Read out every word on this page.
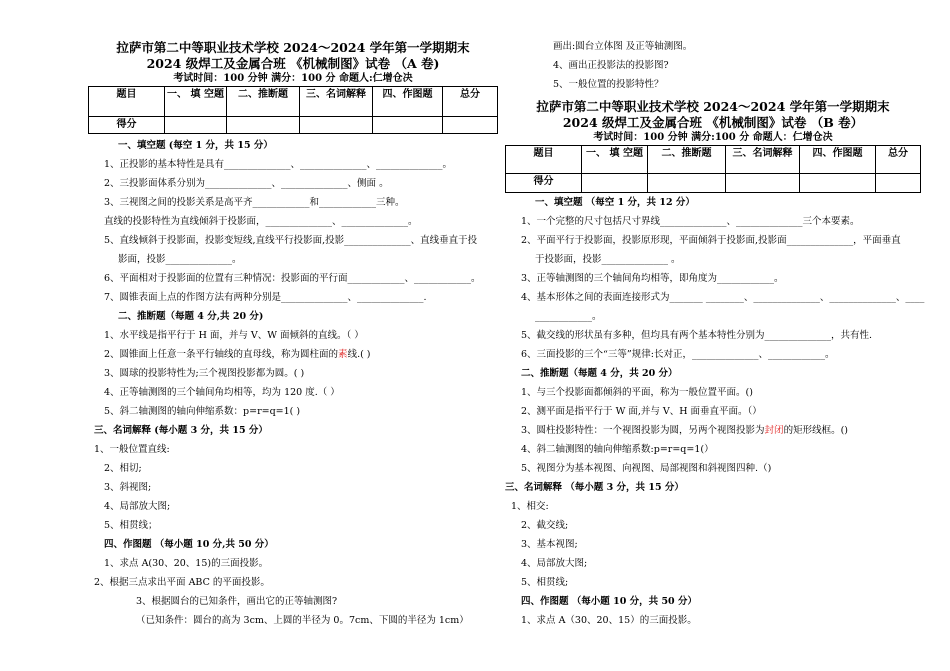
拉萨市第二中等职业技术学校 2024～2024 学年第一学期期末
2024 级焊工及金属合班 《机械制图》试卷 （A 卷)
考试时间：100 分钟 满分：100 分 命题人:仁增仓决
题目	一、 填 空题	二、推断题	三、名词解释	四、作图题	总分
得分					
一、填空题 (每空 1 分，共 15 分）
1、正投影的基本特性是具有______________、______________、______________。
2、三投影面体系分别为______________、______________、侧面 。
3、三视图之间的投影关系是高平齐____________和____________三种。
直线的投影特性为直线倾斜于投影面，______________、______________。
5、直线倾斜于投影面，投影变短线,直线平行投影面,投影______________、直线垂直于投
影面，投影______________。
6、平面相对于投影面的位置有三种情况：投影面的平行面____________、____________。
7、圆锥表面上点的作图方法有两种分别是______________、______________.
二、推断题（每题 4 分,共 20 分)
1、水平线是指平行于 H 面，并与 V、W 面倾斜的直线。（ ）
2、圆锥面上任意一条平行轴线的直母线，称为圆柱面的素线.( )
3、圆球的投影特性为;三个视图投影都为圆。( )
4、正等轴测图的三个轴间角均相等，均为 120 度.（ ）
5、斜二轴测图的轴向伸缩系数：p=r=q=1( )
三、名词解释 (每小题 3 分，共 15 分）
1、一般位置直线:
2、相切;
3、斜视图;
4、局部放大图;
5、相贯线；
四、作图题 （每小题 10 分,共 50 分）
1、求点 A(30、20、15)的三面投影。
2、根据三点求出平面 ABC 的平面投影。
3、根据圆台的已知条件，画出它的正等轴测图?
（已知条件：圆台的高为 3cm、上圆的半径为 0。7cm、下圆的半径为 1cm）
画出:圆台立体图 及正等轴测图。
4、画出正投影法的投影图?
5、一般位置的投影特性？
拉萨市第二中等职业技术学校 2024～2024 学年第一学期期末
2024 级焊工及金属合班 《机械制图》试卷 （B 卷）
考试时间：100 分钟 满分:100 分 命题人：仁增仓决
题目	一、 填 空题	二、推断题	三、名词解释	四、作图题	总分
得分					
一、填空题 （每空 1 分，共 12 分）
1、一个完整的尺寸包括尺寸界线______________、______________三个本要素。
2、平面平行于投影面，投影原形现，平面倾斜于投影面,投影面______________，平面垂直
于投影面，投影______________ 。
3、正等轴测图的三个轴间角均相等，即角度为____________。
4、基本形体之间的表面连接形式为_______ ________、______________、______________、____
____________。
5、截交线的形状虽有多种，但均具有两个基本特性分别为______________，共有性.
6、三面投影的三个“三等”规律:长对正，______________、____________。
二、推断题（每题 4 分，共 20 分）
1、与三个投影面都倾斜的平面，称为一般位置平面。()
2、测平面是指平行于 W 面,并与 V、H 面垂直平面。（）
3、圆柱投影特性：一个视图投影为圆，另两个视图投影为封闭的矩形线框。()
4、斜二轴测图的轴向伸缩系数:p=r=q=1(）
5、视图分为基本视图、向视图、局部视图和斜视图四种.（)
三、名词解释 （每小题 3 分，共 15 分）
1、相交:
2、截交线;
3、基本视图;
4、局部放大图;
5、相贯线;
四、作图题 （每小题 10 分，共 50 分）
1、求点 A（30、20、15）的三面投影。
